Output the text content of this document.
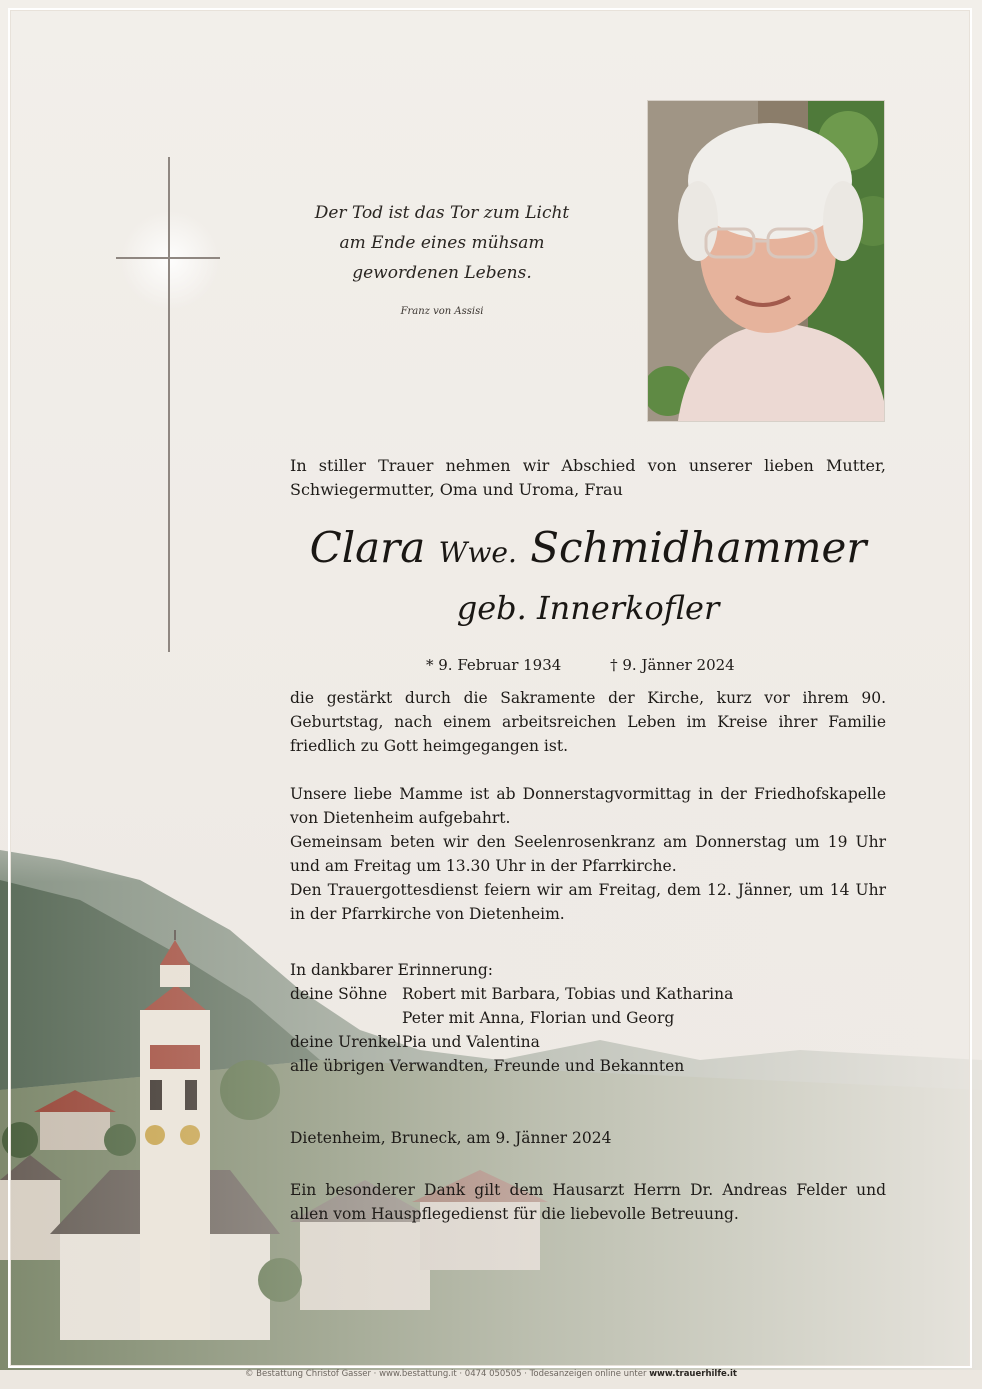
Der Tod ist das Tor zum Licht
am Ende eines mühsam
gewordenen Lebens.
Franz von Assisi
In stiller Trauer nehmen wir Abschied von unserer lieben Mutter, Schwiegermutter, Oma und Uroma, Frau
Clara Wwe. Schmidhammer
geb. Innerkofler
* 9. Februar 1934	† 9. Jänner 2024
die gestärkt durch die Sakramente der Kirche, kurz vor ihrem 90. Geburtstag, nach einem arbeitsreichen Leben im Kreise ihrer Familie friedlich zu Gott heimgegangen ist.
Unsere liebe Mamme ist ab Donnerstagvormittag in der Friedhofskapelle von Dietenheim aufgebahrt.
Gemeinsam beten wir den Seelenrosenkranz am Donnerstag um 19 Uhr und am Freitag um 13.30 Uhr in der Pfarrkirche.
Den Trauergottesdienst feiern wir am Freitag, dem 12. Jänner, um 14 Uhr in der Pfarrkirche von Dietenheim.
In dankbarer Erinnerung:
deine Söhne Robert mit Barbara, Tobias und Katharina
Peter mit Anna, Florian und Georg
deine Urenkel Pia und Valentina
alle übrigen Verwandten, Freunde und Bekannten
Dietenheim, Bruneck, am 9. Jänner 2024
Ein besonderer Dank gilt dem Hausarzt Herrn Dr. Andreas Felder und allen vom Hauspflegedienst für die liebevolle Betreuung.
© Bestattung Christof Gasser · www.bestattung.it · 0474 050505 · Todesanzeigen online unter www.trauerhilfe.it
